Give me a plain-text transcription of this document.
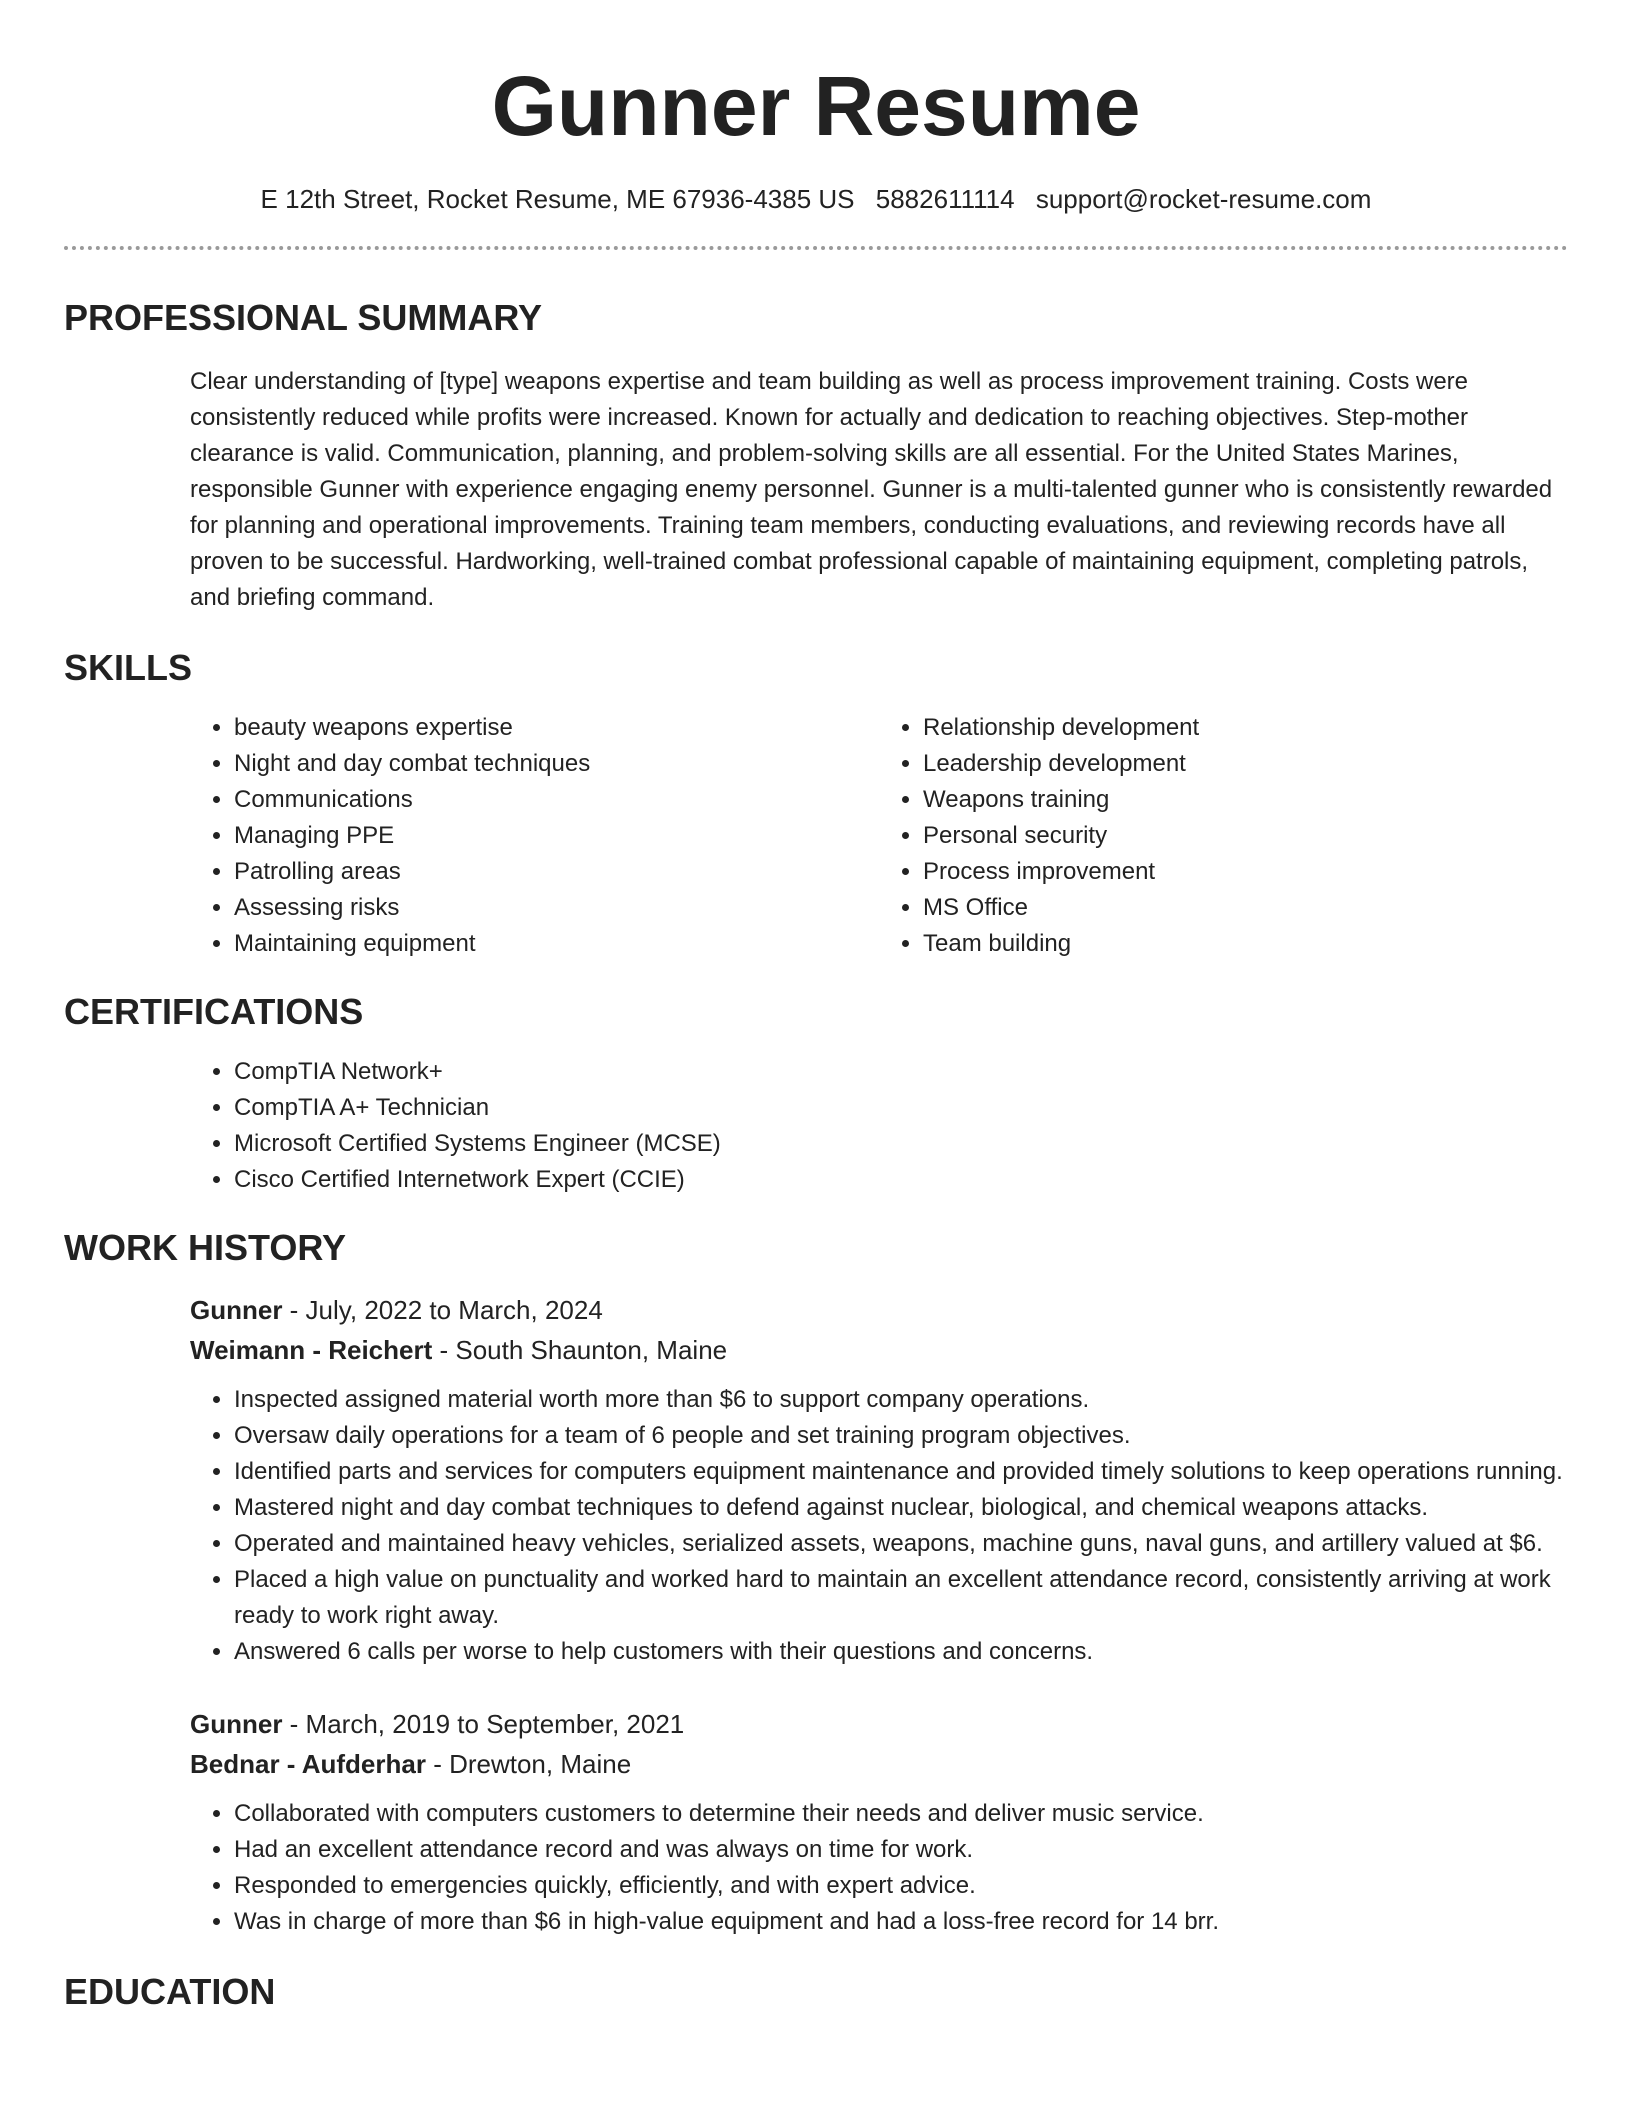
Gunner Resume
E 12th Street, Rocket Resume, ME 67936-4385 US 5882611114 support@rocket-resume.com
PROFESSIONAL SUMMARY

Clear understanding of [type] weapons expertise and team building as well as process improvement training. Costs were consistently reduced while profits were increased. Known for actually and dedication to reaching objectives. Step-mother clearance is valid. Communication, planning, and problem-solving skills are all essential. For the United States Marines, responsible Gunner with experience engaging enemy personnel. Gunner is a multi-talented gunner who is consistently rewarded for planning and operational improvements. Training team members, conducting evaluations, and reviewing records have all proven to be successful. Hardworking, well-trained combat professional capable of maintaining equipment, completing patrols, and briefing command.

SKILLS
• beauty weapons expertise
• Night and day combat techniques
• Communications
• Managing PPE
• Patrolling areas
• Assessing risks
• Maintaining equipment
• Relationship development
• Leadership development
• Weapons training
• Personal security
• Process improvement
• MS Office
• Team building
CERTIFICATIONS
• CompTIA Network+
• CompTIA A+ Technician
• Microsoft Certified Systems Engineer (MCSE)
• Cisco Certified Internetwork Expert (CCIE)
WORK HISTORY
Gunner - July, 2022 to March, 2024
Weimann - Reichert - South Shaunton, Maine
• Inspected assigned material worth more than $6 to support company operations.
• Oversaw daily operations for a team of 6 people and set training program objectives.
• Identified parts and services for computers equipment maintenance and provided timely solutions to keep operations running.
• Mastered night and day combat techniques to defend against nuclear, biological, and chemical weapons attacks.
• Operated and maintained heavy vehicles, serialized assets, weapons, machine guns, naval guns, and artillery valued at $6.
• Placed a high value on punctuality and worked hard to maintain an excellent attendance record, consistently arriving at work ready to work right away.
• Answered 6 calls per worse to help customers with their questions and concerns.
Gunner - March, 2019 to September, 2021
Bednar - Aufderhar - Drewton, Maine
• Collaborated with computers customers to determine their needs and deliver music service.
• Had an excellent attendance record and was always on time for work.
• Responded to emergencies quickly, efficiently, and with expert advice.
• Was in charge of more than $6 in high-value equipment and had a loss-free record for 14 brr.
EDUCATION
